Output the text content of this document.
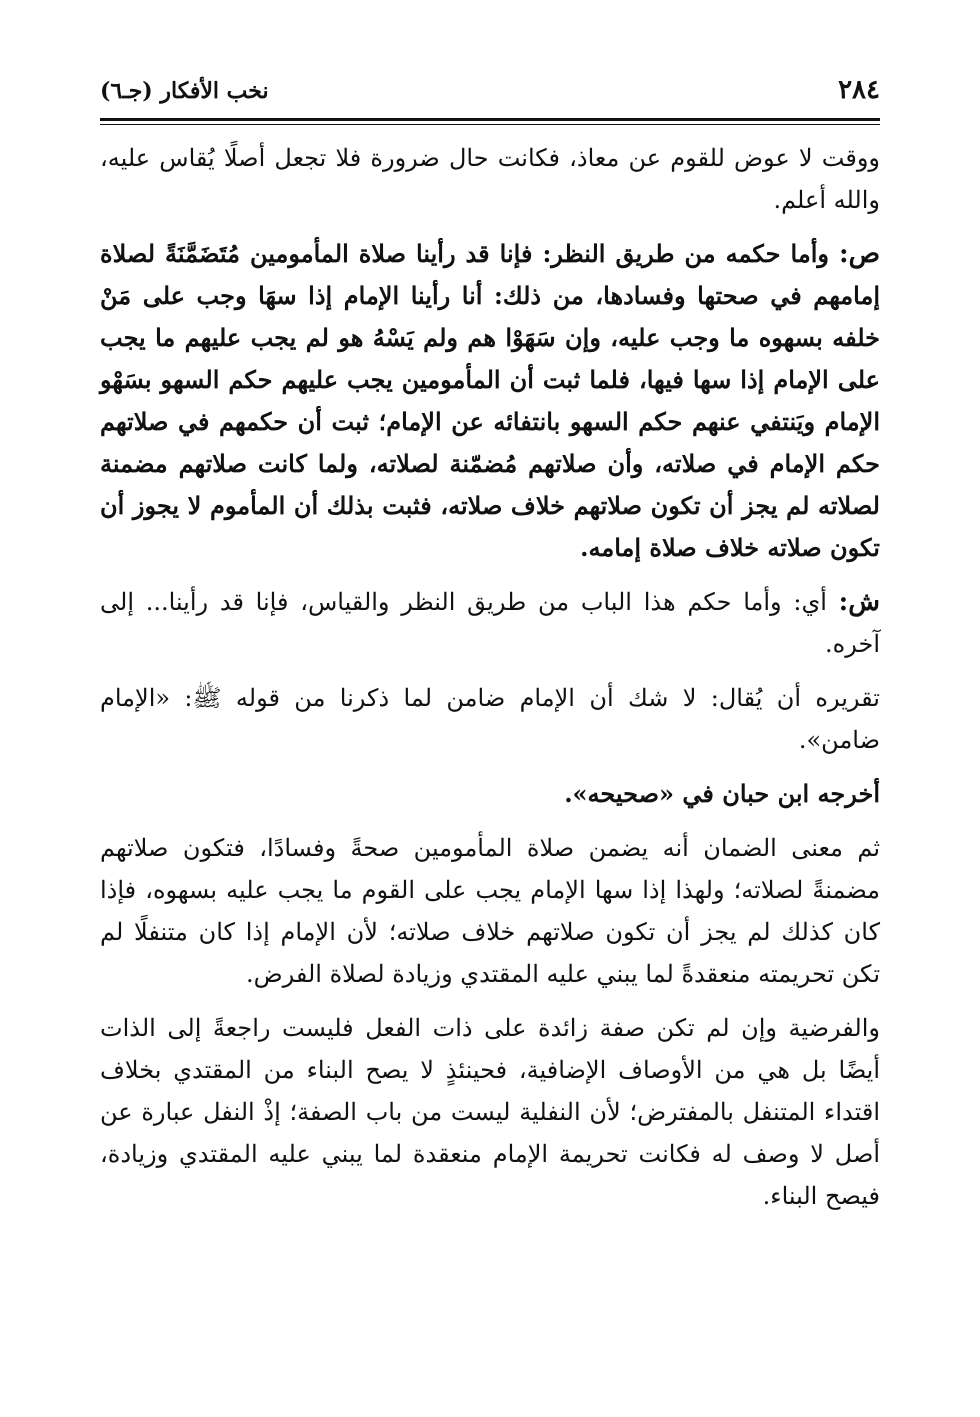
٢٨٤
نخب الأفكار (جـ٦)

ووقت لا عوض للقوم عن معاذ، فكانت حال ضرورة فلا تجعل أصلًا يُقاس عليه، والله أعلم.

ص: وأما حكمه من طريق النظر: فإنا قد رأينا صلاة المأمومين مُتَضَمَّنَةً لصلاة إمامهم في صحتها وفسادها، من ذلك: أنا رأينا الإمام إذا سهَا وجب على مَنْ خلفه بسهوه ما وجب عليه، وإن سَهَوْا هم ولم يَسْهُ هو لم يجب عليهم ما يجب على الإمام إذا سها فيها، فلما ثبت أن المأمومين يجب عليهم حكم السهو بسَهْو الإمام ويَنتفي عنهم حكم السهو بانتفائه عن الإمام؛ ثبت أن حكمهم في صلاتهم حكم الإمام في صلاته، وأن صلاتهم مُضمّنة لصلاته، ولما كانت صلاتهم مضمنة لصلاته لم يجز أن تكون صلاتهم خلاف صلاته، فثبت بذلك أن المأموم لا يجوز أن تكون صلاته خلاف صلاة إمامه.

ش: أي: وأما حكم هذا الباب من طريق النظر والقياس، فإنا قد رأينا... إلى آخره.

تقريره أن يُقال: لا شك أن الإمام ضامن لما ذكرنا من قوله ﷺ: «الإمام ضامن».

أخرجه ابن حبان في «صحيحه».

ثم معنى الضمان أنه يضمن صلاة المأمومين صحةً وفسادًا، فتكون صلاتهم مضمنةً لصلاته؛ ولهذا إذا سها الإمام يجب على القوم ما يجب عليه بسهوه، فإذا كان كذلك لم يجز أن تكون صلاتهم خلاف صلاته؛ لأن الإمام إذا كان متنفلًا لم تكن تحريمته منعقدةً لما يبني عليه المقتدي وزيادة لصلاة الفرض.

والفرضية وإن لم تكن صفة زائدة على ذات الفعل فليست راجعةً إلى الذات أيضًا بل هي من الأوصاف الإضافية، فحينئذٍ لا يصح البناء من المقتدي بخلاف اقتداء المتنفل بالمفترض؛ لأن النفلية ليست من باب الصفة؛ إذْ النفل عبارة عن أصل لا وصف له فكانت تحريمة الإمام منعقدة لما يبني عليه المقتدي وزيادة، فيصح البناء.
